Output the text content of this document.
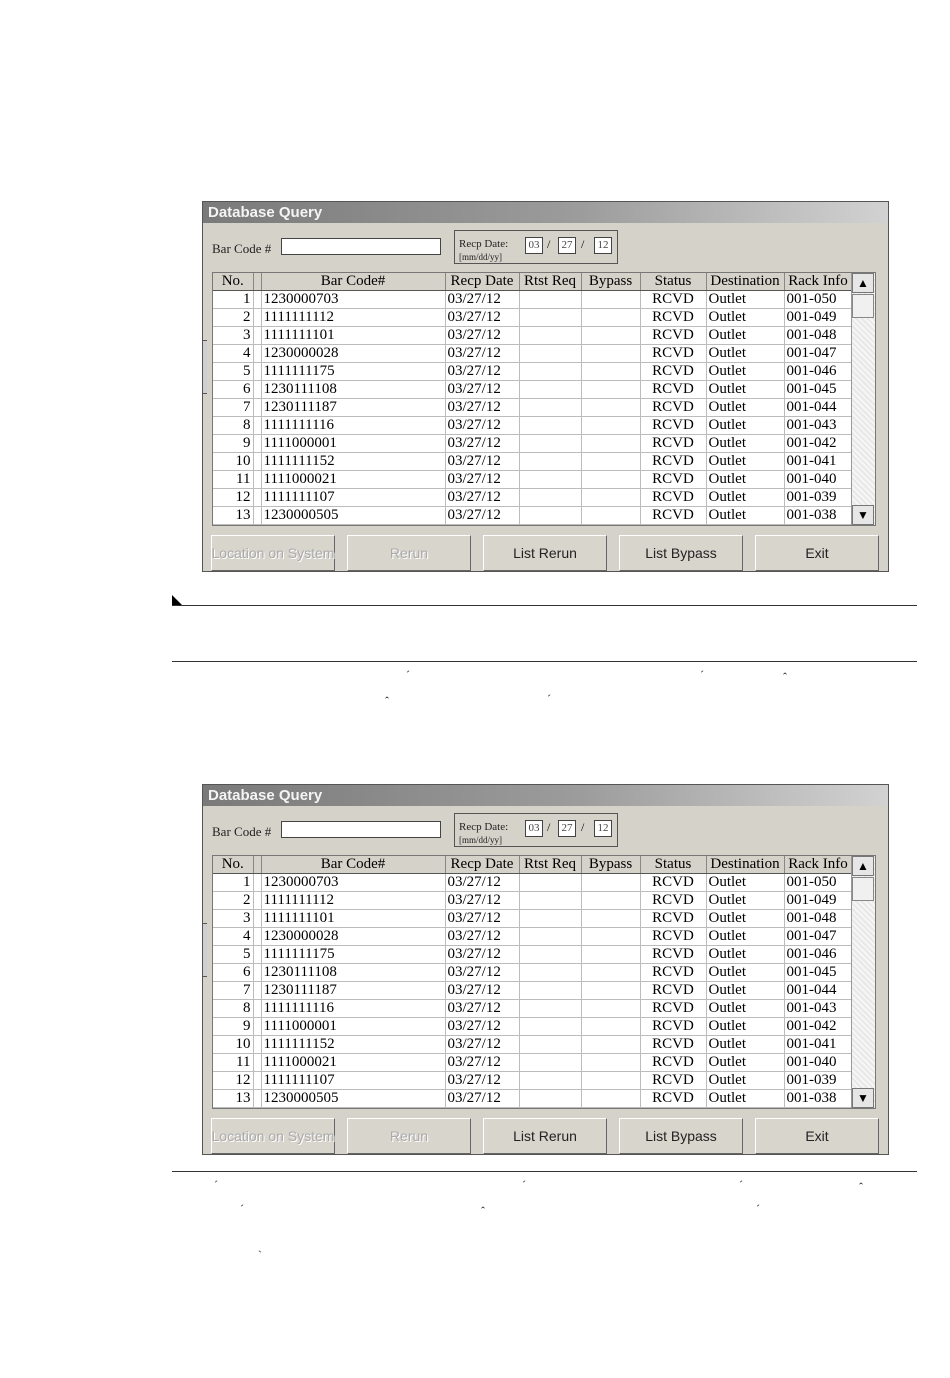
Database Query
Bar Code #	Recp Date:
[mm/dd/yy]
03 /	27 /	12
No.		Bar Code#	Recp Date	Rtst Req	Bypass	Status	Destination	Rack Info
1		1230000703	03/27/12			RCVD	Outlet	001-050
2		1111111112	03/27/12			RCVD	Outlet	001-049
3		1111111101	03/27/12			RCVD	Outlet	001-048
4		1230000028	03/27/12			RCVD	Outlet	001-047
5		1111111175	03/27/12			RCVD	Outlet	001-046
6		1230111108	03/27/12			RCVD	Outlet	001-045
7		1230111187	03/27/12			RCVD	Outlet	001-044
8		1111111116	03/27/12			RCVD	Outlet	001-043
9		1111000001	03/27/12			RCVD	Outlet	001-042
10		1111111152	03/27/12			RCVD	Outlet	001-041
11		1111000021	03/27/12			RCVD	Outlet	001-040
12		1111111107	03/27/12			RCVD	Outlet	001-039
13		1230000505	03/27/12			RCVD	Outlet	001-038
▲
▼
Location on System	Rerun	List Rerun	List Bypass	Exit
´	´	ˆ
ˆ	´
Database Query
Bar Code #	Recp Date:
[mm/dd/yy]
03 /	27 /	12
No.		Bar Code#	Recp Date	Rtst Req	Bypass	Status	Destination	Rack Info
1		1230000703	03/27/12			RCVD	Outlet	001-050
2		1111111112	03/27/12			RCVD	Outlet	001-049
3		1111111101	03/27/12			RCVD	Outlet	001-048
4		1230000028	03/27/12			RCVD	Outlet	001-047
5		1111111175	03/27/12			RCVD	Outlet	001-046
6		1230111108	03/27/12			RCVD	Outlet	001-045
7		1230111187	03/27/12			RCVD	Outlet	001-044
8		1111111116	03/27/12			RCVD	Outlet	001-043
9		1111000001	03/27/12			RCVD	Outlet	001-042
10		1111111152	03/27/12			RCVD	Outlet	001-041
11		1111000021	03/27/12			RCVD	Outlet	001-040
12		1111111107	03/27/12			RCVD	Outlet	001-039
13		1230000505	03/27/12			RCVD	Outlet	001-038
▲
▼
Location on System	Rerun	List Rerun	List Bypass	Exit
´	´	´	ˆ
´	ˆ	´
ˋ
